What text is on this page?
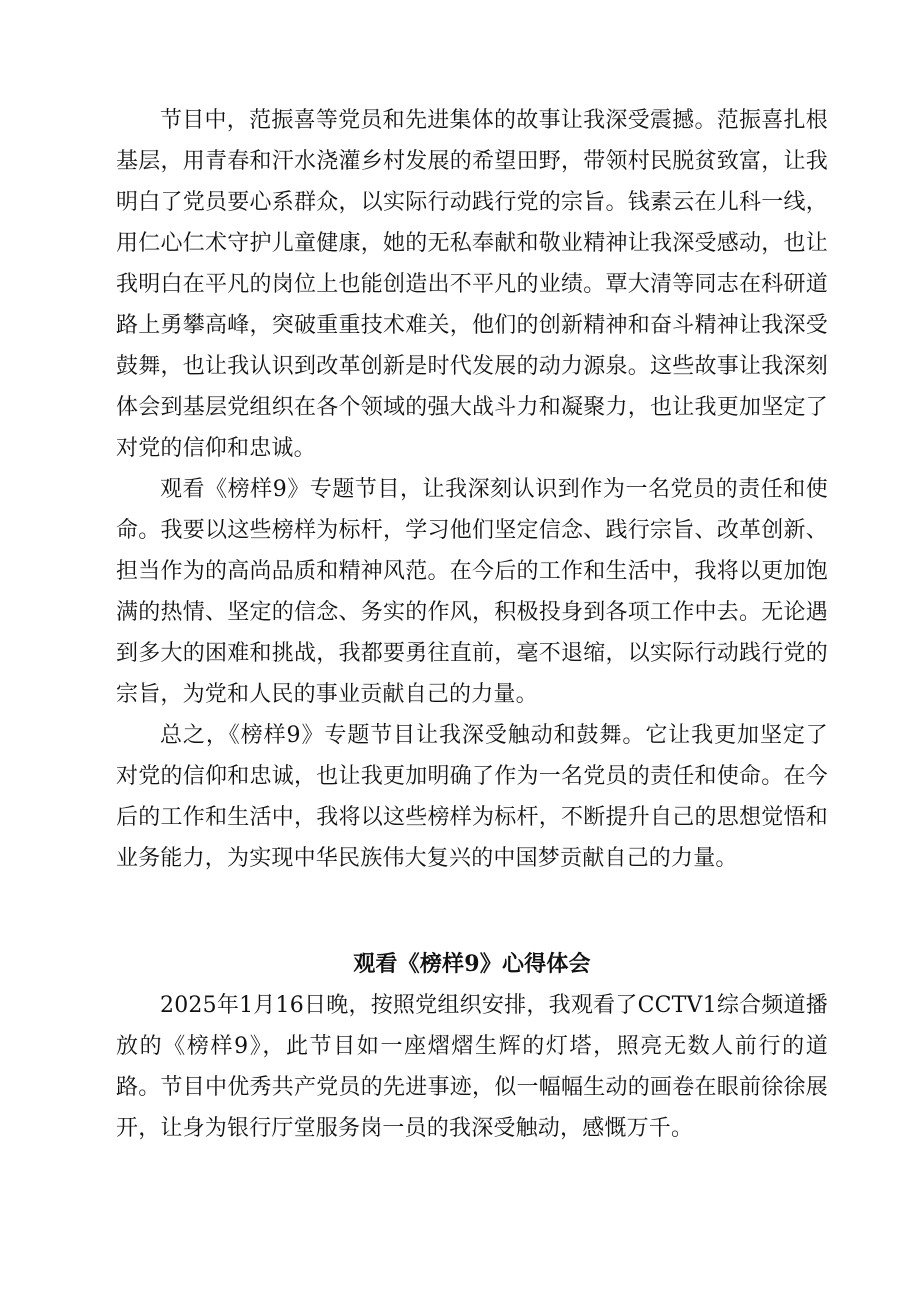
节目中，范振喜等党员和先进集体的故事让我深受震撼。范振喜扎根基层，用青春和汗水浇灌乡村发展的希望田野，带领村民脱贫致富，让我明白了党员要心系群众，以实际行动践行党的宗旨。钱素云在儿科一线，用仁心仁术守护儿童健康，她的无私奉献和敬业精神让我深受感动，也让我明白在平凡的岗位上也能创造出不平凡的业绩。覃大清等同志在科研道路上勇攀高峰，突破重重技术难关，他们的创新精神和奋斗精神让我深受鼓舞，也让我认识到改革创新是时代发展的动力源泉。这些故事让我深刻体会到基层党组织在各个领域的强大战斗力和凝聚力，也让我更加坚定了对党的信仰和忠诚。

观看《榜样9》专题节目，让我深刻认识到作为一名党员的责任和使命。我要以这些榜样为标杆，学习他们坚定信念、践行宗旨、改革创新、担当作为的高尚品质和精神风范。在今后的工作和生活中，我将以更加饱满的热情、坚定的信念、务实的作风，积极投身到各项工作中去。无论遇到多大的困难和挑战，我都要勇往直前，毫不退缩，以实际行动践行党的宗旨，为党和人民的事业贡献自己的力量。

总之，《榜样9》专题节目让我深受触动和鼓舞。它让我更加坚定了对党的信仰和忠诚，也让我更加明确了作为一名党员的责任和使命。在今后的工作和生活中，我将以这些榜样为标杆，不断提升自己的思想觉悟和业务能力，为实现中华民族伟大复兴的中国梦贡献自己的力量。

观看《榜样9》心得体会

2025年1月16日晚，按照党组织安排，我观看了CCTV1综合频道播放的《榜样9》，此节目如一座熠熠生辉的灯塔，照亮无数人前行的道路。节目中优秀共产党员的先进事迹，似一幅幅生动的画卷在眼前徐徐展开，让身为银行厅堂服务岗一员的我深受触动，感慨万千。
